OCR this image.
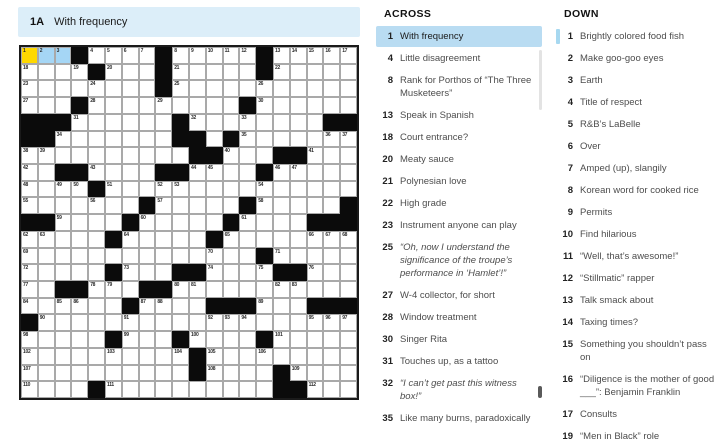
1A With frequency
1	2	3	4	5	6	7	8	9	10 11 12	13 14 15 16 17
18	19	20	21	22
23	24	25	26
27	28	29	30
31	32	33
34	35	36 37
38 39	40	41
42	43	44 45	46 47
48	49 50	51	52 53	54
55	56	57	58
59	60	61
62 63	64	65	66 67 68
69	70	71
72	73	74	75	76
77	78 79	80 81	82 83
84	85 86	87 88	89
90	91	92 93 94	95 96 97
98	99	100	101
102	103	104	105	106
107	108	109
110	111	112
ACROSS
1 With frequency
4 Little disagreement
8 Rank for Porthos of “The Three Musketeers”
13 Speak in Spanish
18 Court entrance?
20 Meaty sauce
21 Polynesian love
22 High grade
23 Instrument anyone can play
25 “Oh, now I understand the significance of the troupe’s performance in ‘Hamlet’!”
27 W-4 collector, for short
28 Window treatment
30 Singer Rita
31 Touches up, as a tattoo
32 “I can’t get past this witness box!”
35 Like many burns, paradoxically
DOWN
1 Brightly colored food fish
2 Make goo-goo eyes
3 Earth
4 Title of respect
5 R&B’s LaBelle
6 Over
7 Amped (up), slangily
8 Korean word for cooked rice
9 Permits
10 Find hilarious
11 “Well, that’s awesome!”
12 “Stillmatic” rapper
13 Talk smack about
14 Taxing times?
15 Something you shouldn’t pass on
16 “Diligence is the mother of good ___”: Benjamin Franklin
17 Consults
19 “Men in Black” role
